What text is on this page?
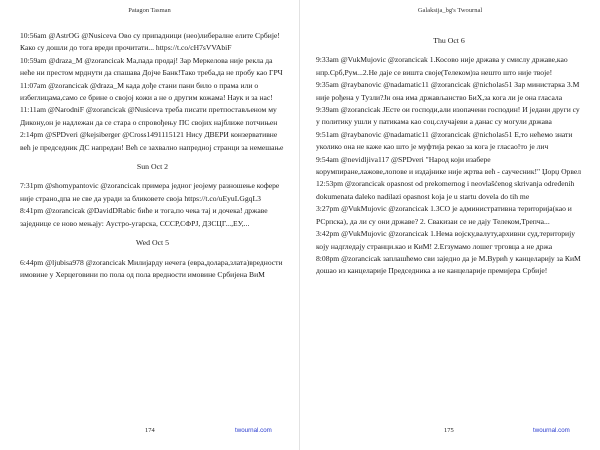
Patagon Tasman

10:56am @AstrOG @Nusiceva Ово су припадници (нео)либералне елите Србије! Како су дошли до тога вреди прочитати... https://t.co/cH7sVVAbiF

10:59am @draza_M @zorancicak Ма,пада продај! Зар Меркелова није рекла да неће ни престом мрднути да спашава Дојче Банк!Тако треба,да не пробу као ГРЧ

11:07am @zorancicak @draza_M када дође стани пани било о прама или о избеглицама,само се брине о својој кожи а не о другим кожама! Наук и за нас!

11:11am @NarodniF @zorancicak @Nusiceva треба писати претпостављеном му Дикону,он је надлежан да се стара о спровођењу ПС својих најближе потчињен

2:14pm @SPDveri @kejsiberger @Cross1491115121 Нису ДВЕРИ конзервативне већ је председник ДС напредан! Већ се захвално напредној странци за немешање

Sun Oct 2

7:31pm @shomypantovic @zorancicak примера једног јеојему разношење кофере није страно,дпа не све да уради за бликовете своја https://t.co/uEyuLGgqL3

8:41pm @zorancicak @DavidDRabic биће и тога,по чека тај и дочека! државе заједнице се ново мењају: Аустро-угарска, СССР,СФРЈ, ДЗСЦГ...,ЕУ,...

Wed Oct 5

6:44pm @ljubisa978 @zorancicak Милијарду нечега (евра,долара,злата)вредности имовине у Херцеговини по пола од пола вредности имовине Србијена ВиМ

174	twournal.com
Galaksija_bg's Twournal
Thu Oct 6

9:33am @VukMujovic @zorancicak 1.Косово није држава у смислу државе,као нпр.Срб,Рум...2.Не даје се вишта своје(Телеком)за нешто што није твоје!

9:35am @raybanovic @nadamatic11 @zorancicak @nicholas51 Зар министарка 3.М није рођена у Тузли?Јн она има држављанство БиХ,за кога ли је она гласала

9:39am @zorancicak ЈЕсте ои господи,али изопачени господин! И једани други су у политику ушли у патикама као соц.случајеви а данас су могули држава

9:51am @raybanovic @nadamatic11 @zorancicak @nicholas51 Е,то нећемо знати уколико она не каже као што је муфтија рекао за кога је гласао!то је лич

9:54am @nevidljiva117 @SPDveri "Народ који изабере корумпиране,лажове,лопове и издајнике није жртва већ - саучесник!" Џорџ Орвел

12:53pm @zorancicak opasnost od prekomernog i neovlašćenog skrivanja određenih dokumenata daleko nadilazi opasnost koja je u startu dovela do tih me

3:27pm @VukMujovic @zorancicak 1.ЗСО је административна територија(као и РСрпска), да ли су они државе? 2. Свакизаи се не дају Телеком,Трепча...

3:42pm @VukMujovic @zorancicak 1.Нема војску,валуту,архивни суд,територију коју надгледају странци.као и КиМ! 2.Егзумамо лошег трговца а не држа

8:08pm @zorancicak заплашћемо сви заједно да је М.Вурић у канцеларију за КиМ дошао из канцеларије Председника а не канцеларије премијера Србије!

175	twournal.com
